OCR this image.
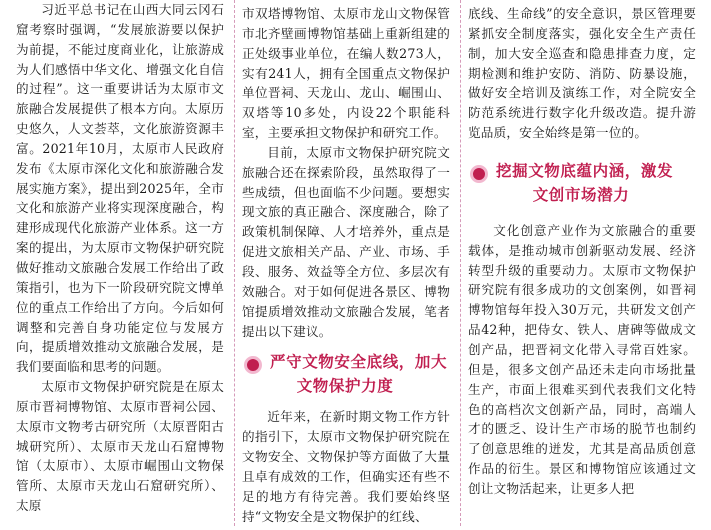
习近平总书记在山西大同云冈石窟考察时强调，“发展旅游要以保护为前提，不能过度商业化，让旅游成为人们感悟中华文化、增强文化自信的过程”。这一重要讲话为太原市文旅融合发展提供了根本方向。太原历史悠久，人文荟萃，文化旅游资源丰富。2021年10月，太原市人民政府发布《太原市深化文化和旅游融合发展实施方案》，提出到2025年，全市文化和旅游产业将实现深度融合，构建形成现代化旅游产业体系。这一方案的提出，为太原市文物保护研究院做好推动文旅融合发展工作给出了政策指引，也为下一阶段研究院文博单位的重点工作给出了方向。今后如何调整和完善自身功能定位与发展方向，提质增效推动文旅融合发展，是我们要面临和思考的问题。

太原市文物保护研究院是在原太原市晋祠博物馆、太原市晋祠公园、太原市文物考古研究所（太原晋阳古城研究所）、太原市天龙山石窟博物馆（太原市）、太原市崛围山文物保管所、太原市天龙山石窟研究所）、太原

市双塔博物馆、太原市龙山文物保管市北齐壁画博物馆基础上重新组建的正处级事业单位，在编人数273人，实有241人，拥有全国重点文物保护单位晋祠、天龙山、龙山、崛围山、双塔等10多处，内设22个职能科室，主要承担文物保护和研究工作。

目前，太原市文物保护研究院文旅融合还在探索阶段，虽然取得了一些成绩，但也面临不少问题。要想实现文旅的真正融合、深度融合，除了政策机制保障、人才培养外，重点是促进文旅相关产品、产业、市场、手段、服务、效益等全方位、多层次有效融合。对于如何促进各景区、博物馆提质增效推动文旅融合发展，笔者提出以下建议。

严守文物安全底线，加大
文物保护力度

近年来，在新时期文物工作方针的指引下，太原市文物保护研究院在文物安全、文物保护等方面做了大量且卓有成效的工作，但确实还有些不足的地方有待完善。我们要始终坚持“文物安全是文物保护的红线、

底线、生命线”的安全意识，景区管理要紧抓安全制度落实，强化安全生产责任制，加大安全巡查和隐患排查力度，定期检测和维护安防、消防、防暴设施，做好安全培训及演练工作，对全院安全防范系统进行数字化升级改造。提升游览品质，安全始终是第一位的。

挖掘文物底蕴内涵，激发
文创市场潜力

文化创意产业作为文旅融合的重要载体，是推动城市创新驱动发展、经济转型升级的重要动力。太原市文物保护研究院有很多成功的文创案例，如晋祠博物馆每年投入30万元，共研发文创产品42种，把侍女、铁人、唐碑等做成文创产品，把晋祠文化带入寻常百姓家。但是，很多文创产品还未走向市场批量生产，市面上很难买到代表我们文化特色的高档次文创新产品，同时，高端人才的匮乏、设计生产市场的脱节也制约了创意思维的迸发，尤其是高品质创意作品的衍生。景区和博物馆应该通过文创让文物活起来，让更多人把
